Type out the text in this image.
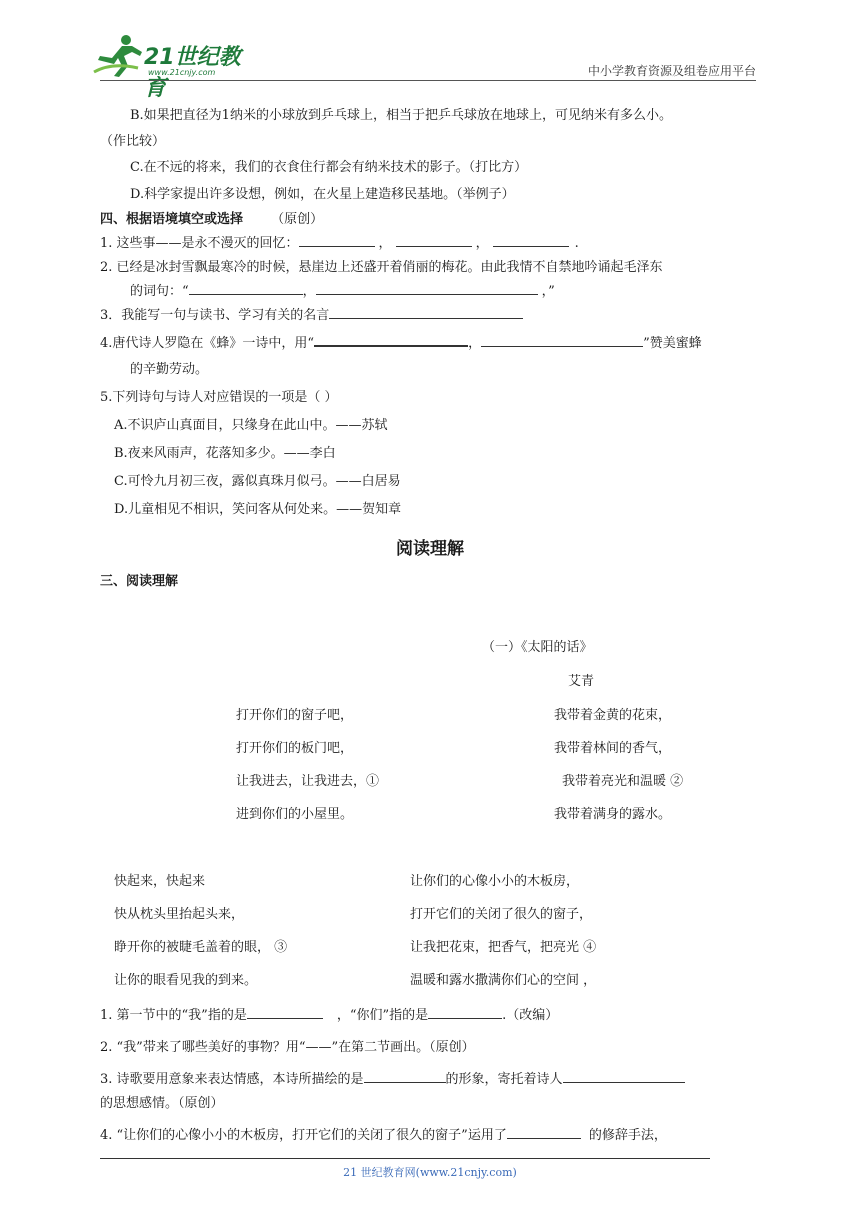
21世纪教育
www.21cnjy.com	中小学教育资源及组卷应用平台
B.如果把直径为1纳米的小球放到乒乓球上，相当于把乒乓球放在地球上，可见纳米有多么小。
（作比较）
C.在不远的将来，我们的衣食住行都会有纳米技术的影子。（打比方）
D.科学家提出许多设想，例如，在火星上建造移民基地。（举例子）
四、根据语境填空或选择 （原创）
1. 这些事——是永不漫灭的回忆：	，	，	.
2. 已经是冰封雪飘最寒冷的时候，悬崖边上还盛开着俏丽的梅花。由此我情不自禁地吟诵起毛泽东
的词句：“	，	，”
3．我能写一句与读书、学习有关的名言
4.唐代诗人罗隐在《蜂》一诗中，用“	，	”赞美蜜蜂
的辛勤劳动。
5.下列诗句与诗人对应错误的一项是（ ）
A.不识庐山真面目，只缘身在此山中。——苏轼
B.夜来风雨声，花落知多少。——李白
C.可怜九月初三夜，露似真珠月似弓。——白居易
D.儿童相见不相识，笑问客从何处来。——贺知章
阅读理解
三、阅读理解
（一）《太阳的话》
艾青
打开你们的窗子吧，
打开你们的板门吧，
让我进去，让我进去，①
进到你们的小屋里。
我带着金黄的花束，
我带着林间的香气，
我带着亮光和温暖 ②
我带着满身的露水。
快起来，快起来
快从枕头里抬起头来，
睁开你的被睫毛盖着的眼， ③
让你的眼看见我的到来。
让你们的心像小小的木板房，
打开它们的关闭了很久的窗子，
让我把花束，把香气，把亮光 ④
温暖和露水撒满你们心的空间 ，
1. 第一节中的“我”指的是	，“你们”指的是	.（改编）
2. “我”带来了哪些美好的事物？用“——”在第二节画出。（原创）
3. 诗歌要用意象来表达情感，本诗所描绘的是	的形象，寄托着诗人
的思想感情。（原创）
4. “让你们的心像小小的木板房，打开它们的关闭了很久的窗子”运用了	的修辞手法，
21 世纪教育网(www.21cnjy.com)
